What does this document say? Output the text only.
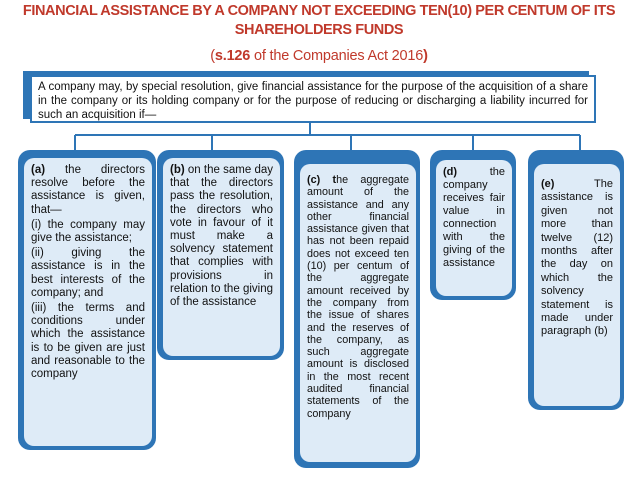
FINANCIAL ASSISTANCE BY A COMPANY NOT EXCEEDING TEN(10) PER CENTUM OF ITS
SHAREHOLDERS FUNDS
(s.126 of the Companies Act 2016)
A company may, by special resolution, give financial assistance for the purpose of the acquisition of a share in the company or its holding company or for the purpose of reducing or discharging a liability incurred for such an acquisition if—

(a) the directors resolve before the assistance is given, that—

(i) the company may give the assistance;

(ii) giving the assistance is in the best interests of the company; and

(iii) the terms and conditions under which the assistance is to be given are just and reasonable to the company

(b) on the same day that the directors pass the resolution, the directors who vote in favour of it must make a solvency statement that complies with provisions in relation to the giving of the assistance

(c) the aggregate amount of the assistance and any other financial assistance given that has not been repaid does not exceed ten (10) per centum of the aggregate amount received by the company from the issue of shares and the reserves of the company, as such aggregate amount is disclosed in the most recent audited financial statements of the company

(d) the company receives fair value in connection with the giving of the assistance

(e) The assistance is given not more than twelve (12) months after the day on which the solvency statement is made under paragraph (b)
